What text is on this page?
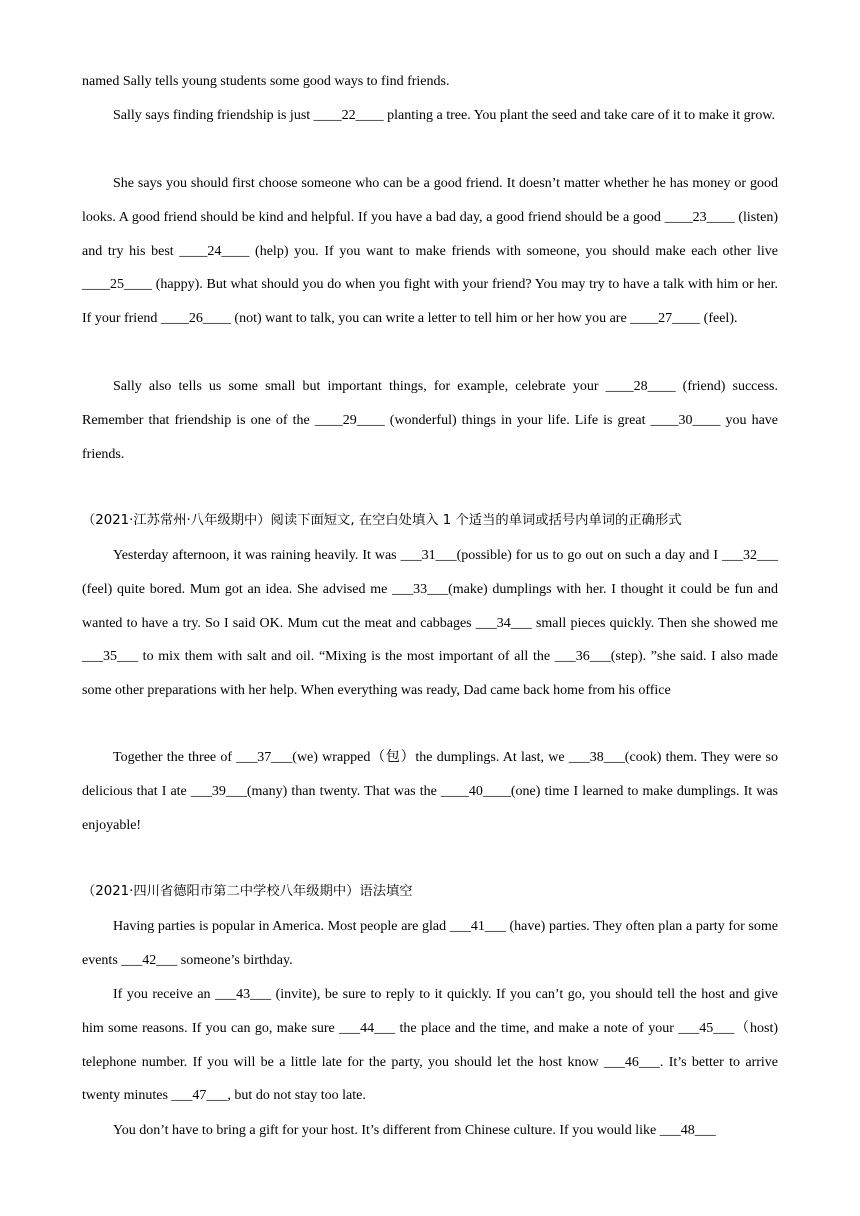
named Sally tells young students some good ways to find friends.

Sally says finding friendship is just ____22____ planting a tree. You plant the seed and take care of it to make it grow.

She says you should first choose someone who can be a good friend. It doesn’t matter whether he has money or good looks. A good friend should be kind and helpful. If you have a bad day, a good friend should be a good ____23____ (listen) and try his best ____24____ (help) you. If you want to make friends with someone, you should make each other live ____25____ (happy). But what should you do when you fight with your friend? You may try to have a talk with him or her. If your friend ____26____ (not) want to talk, you can write a letter to tell him or her how you are ____27____ (feel).

Sally also tells us some small but important things, for example, celebrate your ____28____ (friend) success. Remember that friendship is one of the ____29____ (wonderful) things in your life. Life is great ____30____ you have friends.

（2021·江苏常州·八年级期中）阅读下面短文, 在空白处填入 1 个适当的单词或括号内单词的正确形式

Yesterday afternoon, it was raining heavily. It was ___31___(possible) for us to go out on such a day and I ___32___ (feel) quite bored. Mum got an idea. She advised me ___33___(make) dumplings with her. I thought it could be fun and wanted to have a try. So I said OK. Mum cut the meat and cabbages ___34___ small pieces quickly. Then she showed me ___35___ to mix them with salt and oil. “Mixing is the most important of all the ___36___(step). ”she said. I also made some other preparations with her help. When everything was ready, Dad came back home from his office

Together the three of ___37___(we) wrapped（包）the dumplings. At last, we ___38___(cook) them. They were so delicious that I ate ___39___(many) than twenty. That was the ____40____(one) time I learned to make dumplings. It was enjoyable!

（2021·四川省德阳市第二中学校八年级期中）语法填空

Having parties is popular in America. Most people are glad ___41___ (have) parties. They often plan a party for some events ___42___ someone’s birthday.

If you receive an ___43___ (invite), be sure to reply to it quickly. If you can’t go, you should tell the host and give him some reasons. If you can go, make sure ___44___ the place and the time, and make a note of your ___45___（host) telephone number. If you will be a little late for the party, you should let the host know ___46___. It’s better to arrive twenty minutes ___47___, but do not stay too late.

You don’t have to bring a gift for your host. It’s different from Chinese culture. If you would like ___48___
